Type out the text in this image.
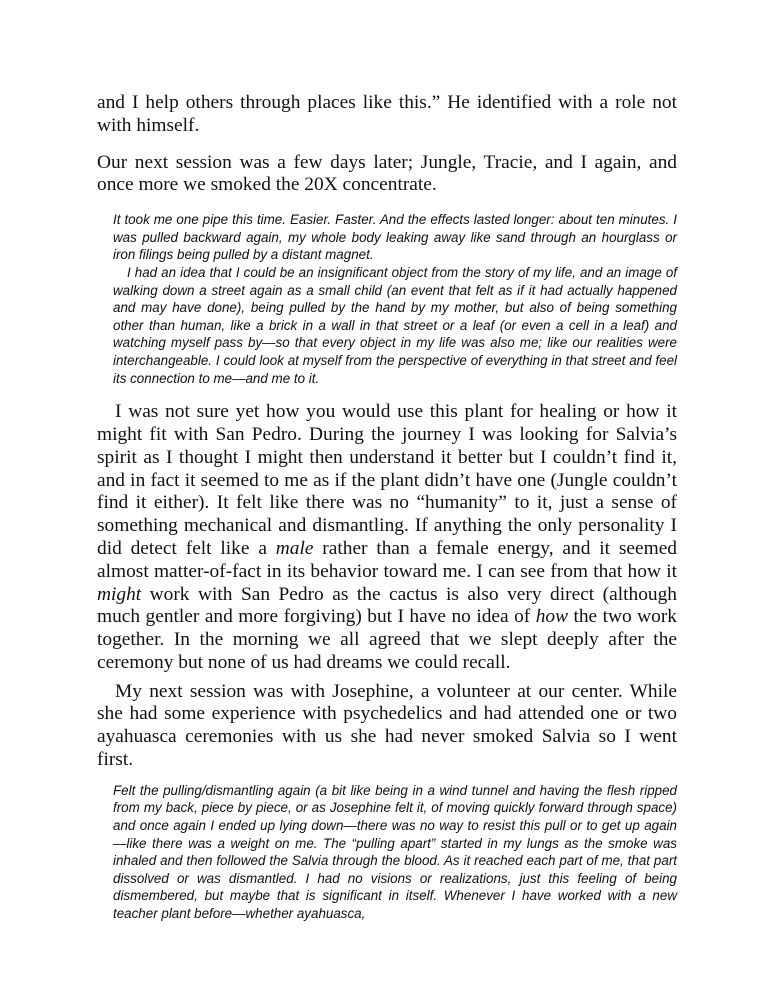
and I help others through places like this.” He identified with a role not with himself.

Our next session was a few days later; Jungle, Tracie, and I again, and once more we smoked the 20X concentrate.

It took me one pipe this time. Easier. Faster. And the effects lasted longer: about ten minutes. I was pulled backward again, my whole body leaking away like sand through an hourglass or iron filings being pulled by a distant magnet.

I had an idea that I could be an insignificant object from the story of my life, and an image of walking down a street again as a small child (an event that felt as if it had actually happened and may have done), being pulled by the hand by my mother, but also of being something other than human, like a brick in a wall in that street or a leaf (or even a cell in a leaf) and watching myself pass by—so that every object in my life was also me; like our realities were interchangeable. I could look at myself from the perspective of everything in that street and feel its connection to me—and me to it.

I was not sure yet how you would use this plant for healing or how it might fit with San Pedro. During the journey I was looking for Salvia’s spirit as I thought I might then understand it better but I couldn’t find it, and in fact it seemed to me as if the plant didn’t have one (Jungle couldn’t find it either). It felt like there was no “humanity” to it, just a sense of something mechanical and dismantling. If anything the only personality I did detect felt like a male rather than a female energy, and it seemed almost matter-of-fact in its behavior toward me. I can see from that how it might work with San Pedro as the cactus is also very direct (although much gentler and more forgiving) but I have no idea of how the two work together. In the morning we all agreed that we slept deeply after the ceremony but none of us had dreams we could recall.

My next session was with Josephine, a volunteer at our center. While she had some experience with psychedelics and had attended one or two ayahuasca ceremonies with us she had never smoked Salvia so I went first.

Felt the pulling/dismantling again (a bit like being in a wind tunnel and having the flesh ripped from my back, piece by piece, or as Josephine felt it, of moving quickly forward through space) and once again I ended up lying down—there was no way to resist this pull or to get up again—like there was a weight on me. The “pulling apart” started in my lungs as the smoke was inhaled and then followed the Salvia through the blood. As it reached each part of me, that part dissolved or was dismantled. I had no visions or realizations, just this feeling of being dismembered, but maybe that is significant in itself. Whenever I have worked with a new teacher plant before—whether ayahuasca,
